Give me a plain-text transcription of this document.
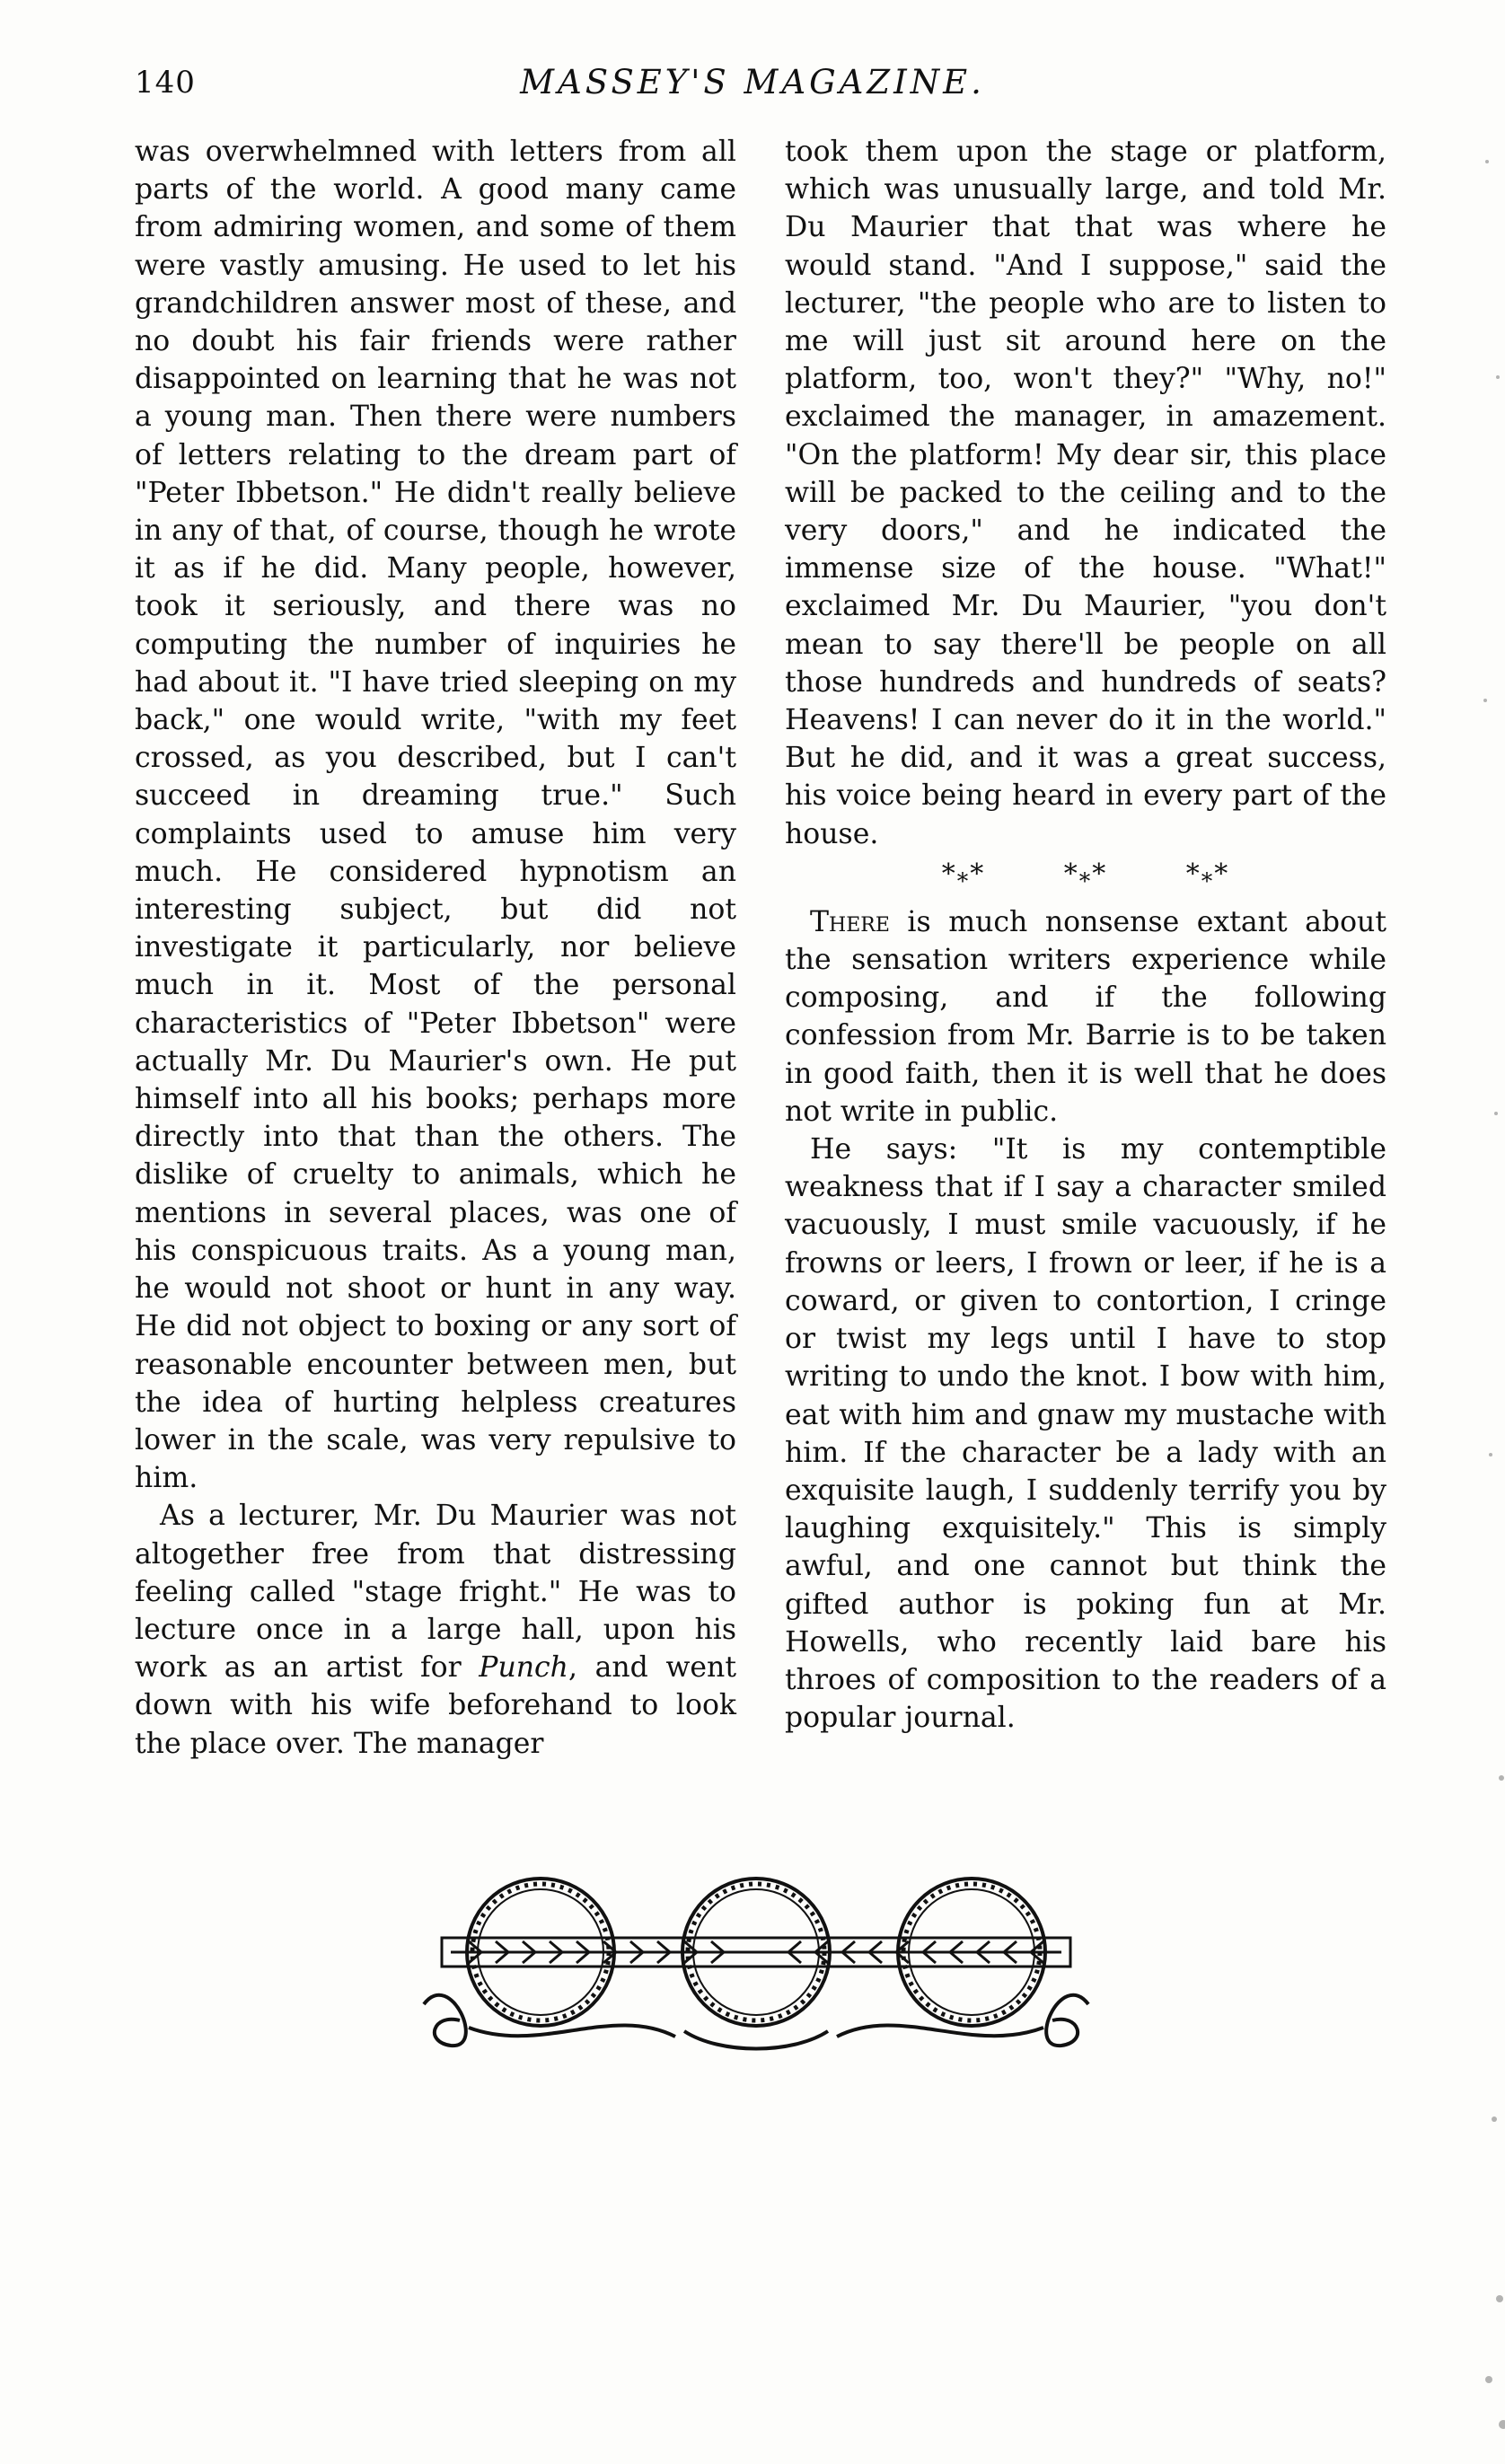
140	MASSEY'S MAGAZINE.

was overwhelmned with letters from all parts of the world. A good many came from admiring women, and some of them were vastly amusing. He used to let his grandchildren answer most of these, and no doubt his fair friends were rather disappointed on learning that he was not a young man. Then there were numbers of letters relating to the dream part of "Peter Ibbetson." He didn't really believe in any of that, of course, though he wrote it as if he did. Many people, however, took it seriously, and there was no computing the number of inquiries he had about it. "I have tried sleeping on my back," one would write, "with my feet crossed, as you described, but I can't succeed in dreaming true." Such complaints used to amuse him very much. He considered hypnotism an interesting subject, but did not investigate it particularly, nor believe much in it. Most of the personal characteristics of "Peter Ibbetson" were actually Mr. Du Maurier's own. He put himself into all his books; perhaps more directly into that than the others. The dislike of cruelty to animals, which he mentions in several places, was one of his conspicuous traits. As a young man, he would not shoot or hunt in any way. He did not object to boxing or any sort of reasonable encounter between men, but the idea of hurting helpless creatures lower in the scale, was very repulsive to him.

As a lecturer, Mr. Du Maurier was not altogether free from that distressing feeling called "stage fright." He was to lecture once in a large hall, upon his work as an artist for Punch, and went down with his wife beforehand to look the place over. The manager

took them upon the stage or platform, which was unusually large, and told Mr. Du Maurier that that was where he would stand. "And I suppose," said the lecturer, "the people who are to listen to me will just sit around here on the platform, too, won't they?" "Why, no!" exclaimed the manager, in amazement. "On the platform! My dear sir, this place will be packed to the ceiling and to the very doors," and he indicated the immense size of the house. "What!" exclaimed Mr. Du Maurier, "you don't mean to say there'll be people on all those hundreds and hundreds of seats? Heavens! I can never do it in the world." But he did, and it was a great success, his voice being heard in every part of the house.

$*_**$	$*_**$	$*_**$

There is much nonsense extant about the sensation writers experience while composing, and if the following confession from Mr. Barrie is to be taken in good faith, then it is well that he does not write in public.

He says: "It is my contemptible weakness that if I say a character smiled vacuously, I must smile vacuously, if he frowns or leers, I frown or leer, if he is a coward, or given to contortion, I cringe or twist my legs until I have to stop writing to undo the knot. I bow with him, eat with him and gnaw my mustache with him. If the character be a lady with an exquisite laugh, I suddenly terrify you by laughing exquisitely." This is simply awful, and one cannot but think the gifted author is poking fun at Mr. Howells, who recently laid bare his throes of composition to the readers of a popular journal.
